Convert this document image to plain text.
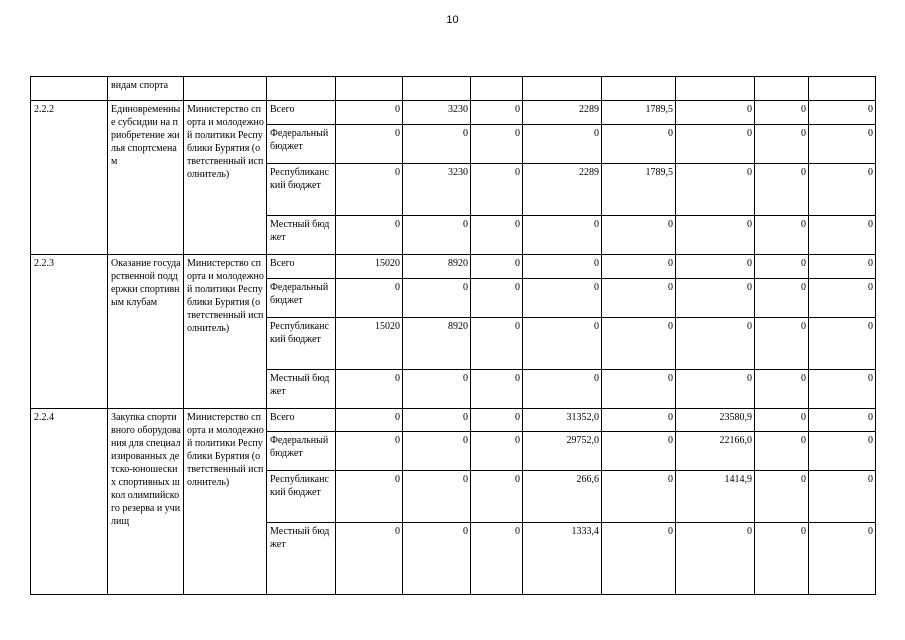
10
	видам спорта										
2.2.2	Единовременные субсидии на приобретение жилья спортсменам	Министерство спорта и молодежной политики Республики Бурятия (ответственный исполнитель)	Всего	0	3230	0	2289	1789,5	0	0	0
			Федеральный бюджет	0	0	0	0	0	0	0	0
			Республиканский бюджет	0	3230	0	2289	1789,5	0	0	0
			Местный бюджет	0	0	0	0	0	0	0	0
2.2.3	Оказание государственной поддержки спортивным клубам	Министерство спорта и молодежной политики Республики Бурятия (ответственный исполнитель)	Всего	15020	8920	0	0	0	0	0	0
			Федеральный бюджет	0	0	0	0	0	0	0	0
			Республиканский бюджет	15020	8920	0	0	0	0	0	0
			Местный бюджет	0	0	0	0	0	0	0	0
2.2.4	Закупка спортивного оборудования для специализированных детско-юношеских спортивных школ олимпийского резерва и училищ	Министерство спорта и молодежной политики Республики Бурятия (ответственный исполнитель)	Всего	0	0	0	31352,0	0	23580,9	0	0
			Федеральный бюджет	0	0	0	29752,0	0	22166,0	0	0
			Республиканский бюджет	0	0	0	266,6	0	1414,9	0	0
			Местный бюджет	0	0	0	1333,4	0	0	0	0
